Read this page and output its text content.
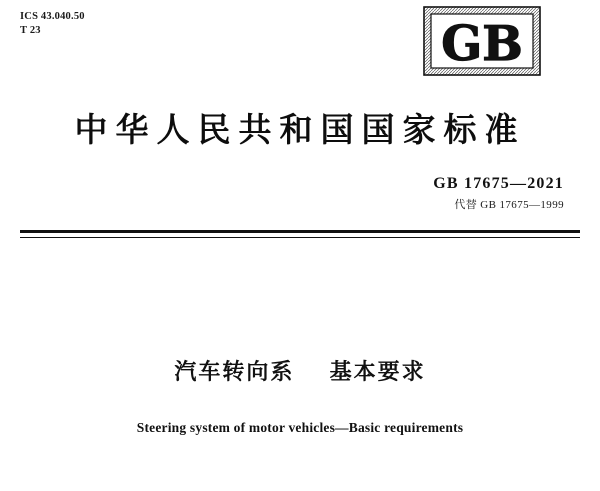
ICS 43.040.50
T 23	GB
中华人民共和国国家标准
GB 17675—2021
代替 GB 17675—1999
汽车转向系 基本要求
Steering system of motor vehicles—Basic requirements
